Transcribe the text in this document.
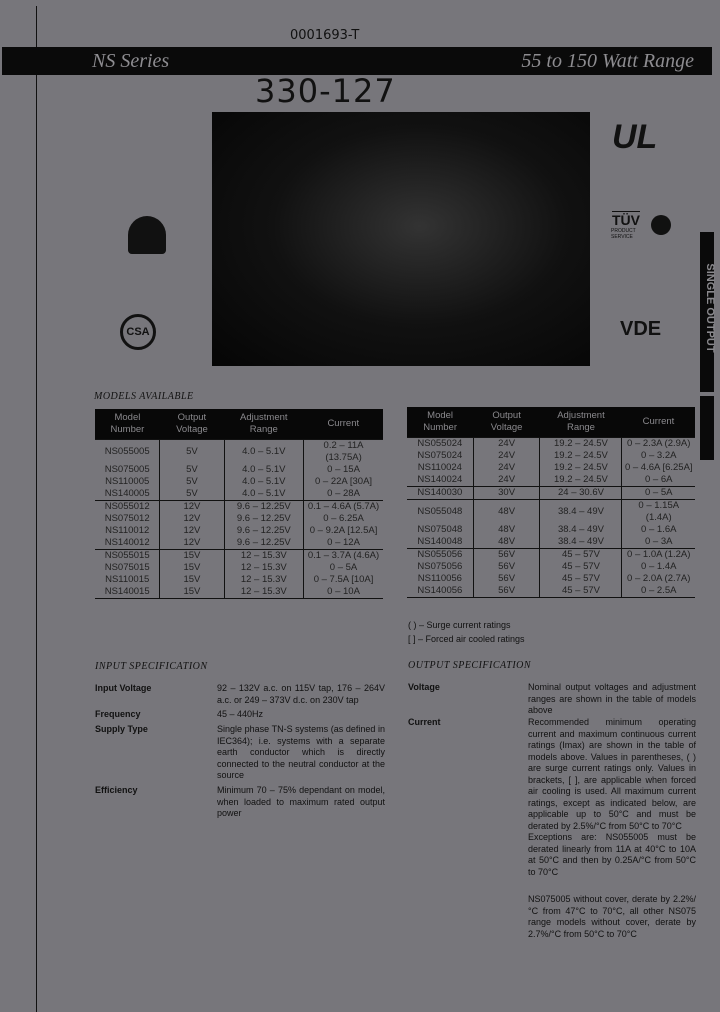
0001693-T
NS Series	55 to 150 Watt Range
330-127
UL
TÜV
PRODUCT SERVICE
VDE
CSA	SINGLE OUTPUT
MODELS AVAILABLE
Model Number	Output Voltage	Adjustment Range	Current
NS055005	5V	4.0 – 5.1V	0.2 – 11A (13.75A)
NS075005	5V	4.0 – 5.1V	0 – 15A
NS110005	5V	4.0 – 5.1V	0 – 22A [30A]
NS140005	5V	4.0 – 5.1V	0 – 28A
NS055012	12V	9.6 – 12.25V	0.1 – 4.6A (5.7A)
NS075012	12V	9.6 – 12.25V	0 – 6.25A
NS110012	12V	9.6 – 12.25V	0 – 9.2A [12.5A]
NS140012	12V	9.6 – 12.25V	0 – 12A
NS055015	15V	12 – 15.3V	0.1 – 3.7A (4.6A)
NS075015	15V	12 – 15.3V	0 – 5A
NS110015	15V	12 – 15.3V	0 – 7.5A [10A]
NS140015	15V	12 – 15.3V	0 – 10A
Model Number	Output Voltage	Adjustment Range	Current
NS055024	24V	19.2 – 24.5V	0 – 2.3A (2.9A)
NS075024	24V	19.2 – 24.5V	0 – 3.2A
NS110024	24V	19.2 – 24.5V	0 – 4.6A [6.25A]
NS140024	24V	19.2 – 24.5V	0 – 6A
NS140030	30V	24 – 30.6V	0 – 5A
NS055048	48V	38.4 – 49V	0 – 1.15A (1.4A)
NS075048	48V	38.4 – 49V	0 – 1.6A
NS140048	48V	38.4 – 49V	0 – 3A
NS055056	56V	45 – 57V	0 – 1.0A (1.2A)
NS075056	56V	45 – 57V	0 – 1.4A
NS110056	56V	45 – 57V	0 – 2.0A (2.7A)
NS140056	56V	45 – 57V	0 – 2.5A
( ) – Surge current ratings
[ ] – Forced air cooled ratings
INPUT SPECIFICATION
Input Voltage	92 – 132V a.c. on 115V tap, 176 – 264V a.c. or 249 – 373V d.c. on 230V tap
Frequency	45 – 440Hz
Supply Type	Single phase TN-S systems (as defined in IEC364); i.e. systems with a separate earth conductor which is directly connected to the neutral conductor at the source
Efficiency	Minimum 70 – 75% dependant on model, when loaded to maximum rated output power
OUTPUT SPECIFICATION
Voltage	Nominal output voltages and adjustment ranges are shown in the table of models above
Current	Recommended minimum operating current and maximum continuous current ratings (Imax) are shown in the table of models above. Values in parentheses, ( ) are surge current ratings only. Values in brackets, [ ], are applicable when forced air cooling is used. All maximum current ratings, except as indicated below, are applicable up to 50°C and must be derated by 2.5%/°C from 50°C to 70°C
Exceptions are: NS055005 must be derated linearly from 11A at 40°C to 10A at 50°C and then by 0.25A/°C from 50°C to 70°C
NS075005 without cover, derate by 2.2%/°C from 47°C to 70°C, all other NS075 range models without cover, derate by 2.7%/°C from 50°C to 70°C
